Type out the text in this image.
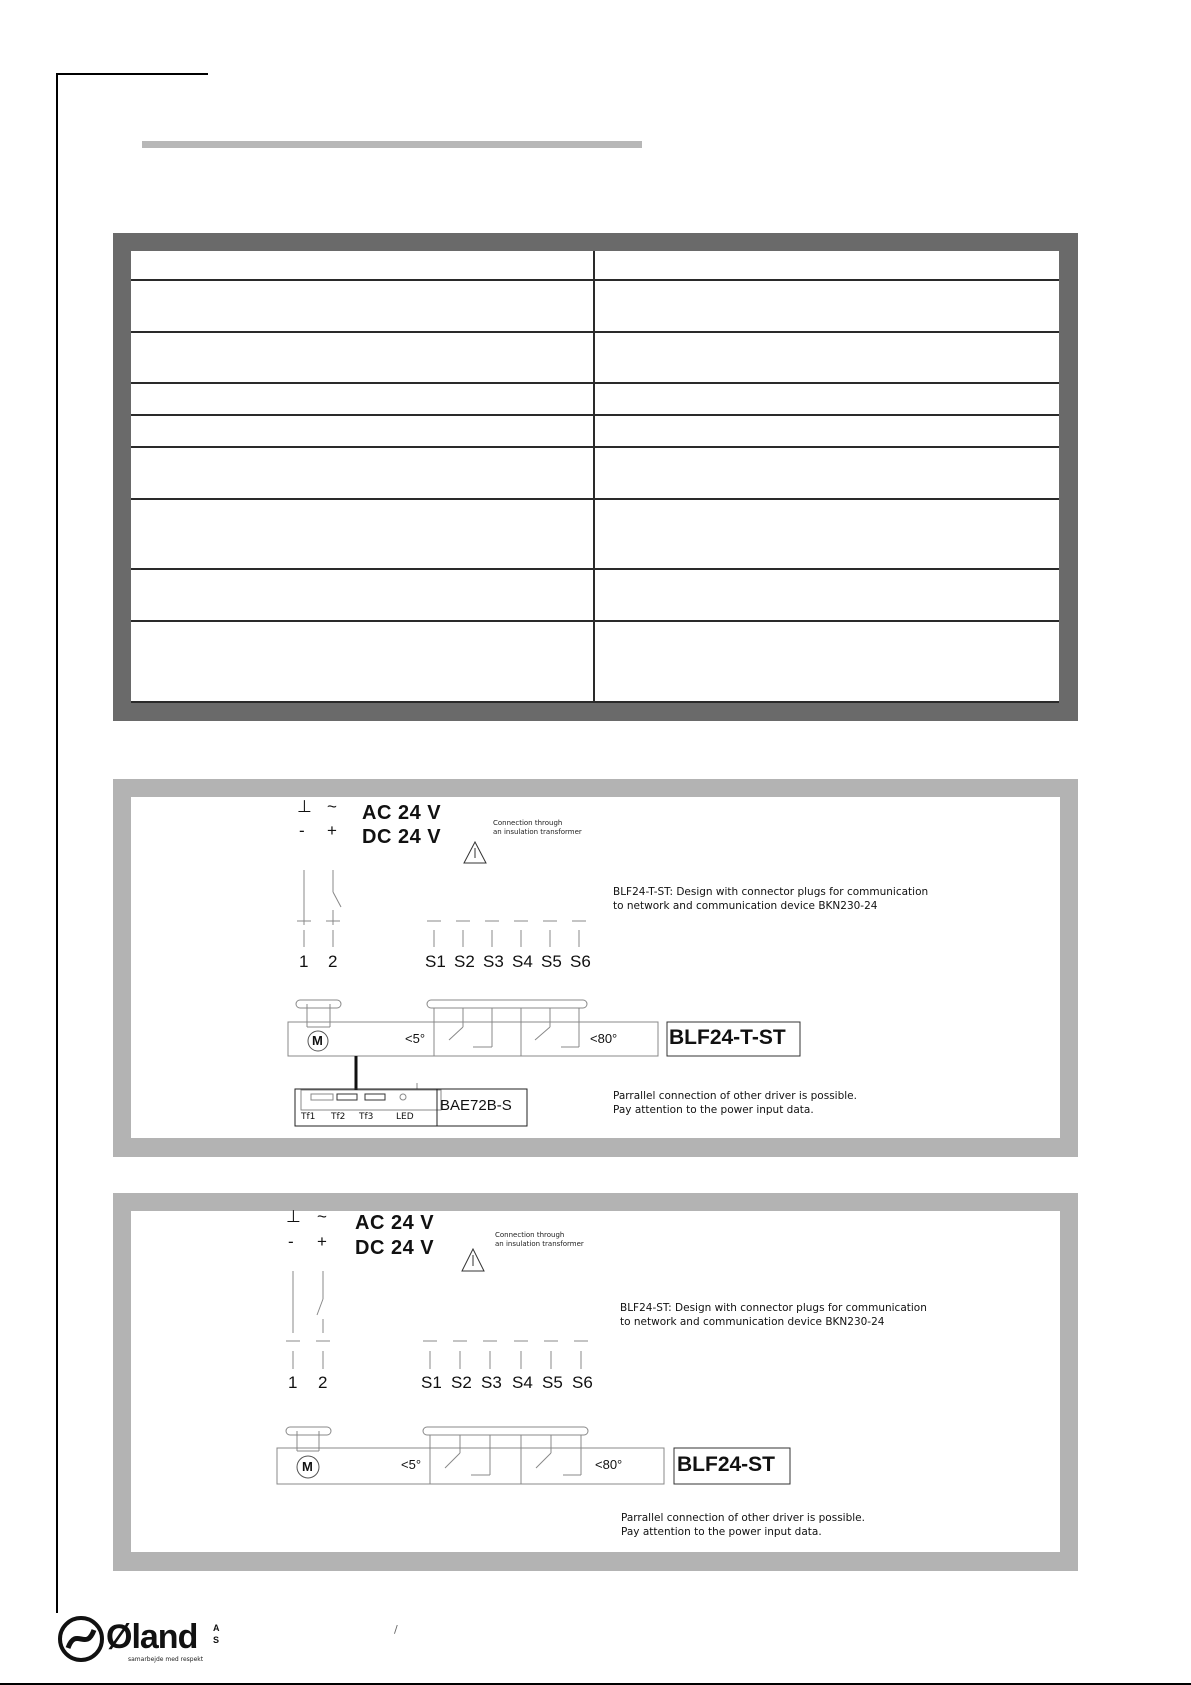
⊥ ~
- +
AC 24 V
DC 24 V
Connection through
an insulation transformer
BLF24-T-ST: Design with connector plugs for communication
to network and communication device BKN230-24
1 2	S1 S2 S3 S4 S5 S6
M	<5°	<80° BLF24-T-ST
Tf1 Tf2 Tf3	LED
BAE72B-S
Parrallel connection of other driver is possible.
Pay attention to the power input data.
⊥ ~
- +
AC 24 V
DC 24 V
Connection through
an insulation transformer
BLF24-ST: Design with connector plugs for communication
to network and communication device BKN230-24
1 2	S1 S2 S3 S4 S5 S6
M	<5°	<80°	BLF24-ST
Parrallel connection of other driver is possible.
Pay attention to the power input data.
Øland A
S
samarbejde med respekt
/
